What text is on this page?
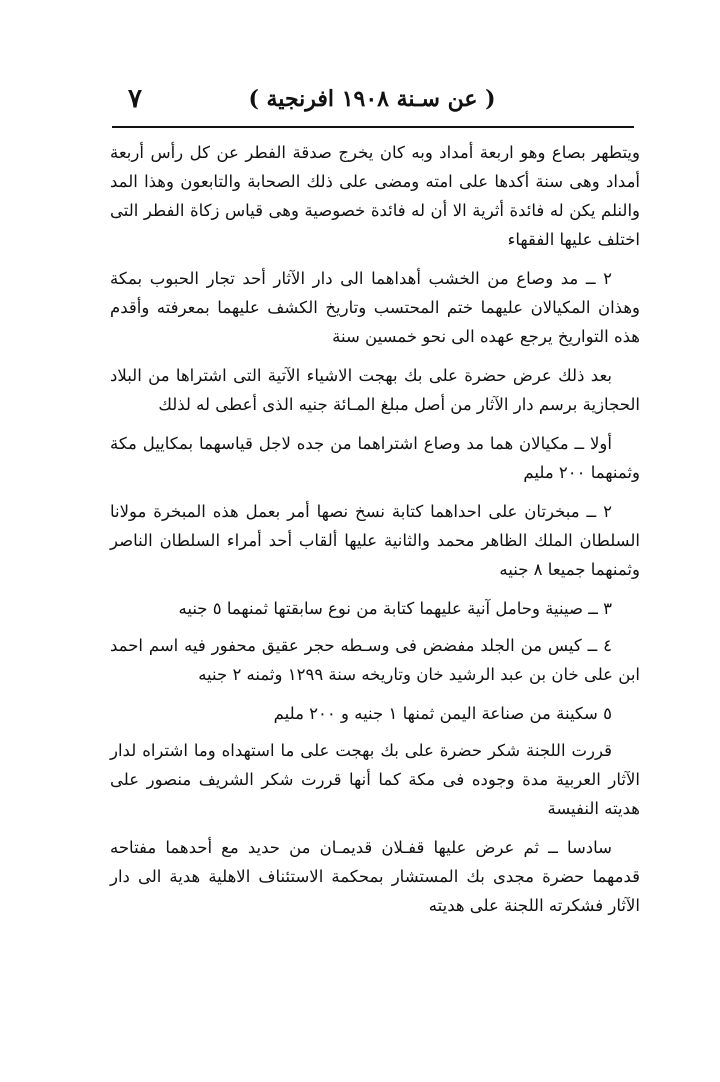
( عن سـنة ١٩٠٨ افرنجية )
٧

ويتطهر بصاع وهو اربعة أمداد وبه كان يخرج صدقة الفطر عن كل رأس أربعة أمداد وهى سنة أكدها على امته ومضى على ذلك الصحابة والتابعون وهذا المد والنلم يكن له فائدة أثرية الا أن له فائدة خصوصية وهى قياس زكاة الفطر التى اختلف عليها الفقهاء

٢ ــ مد وصاع من الخشب أهداهما الى دار الآثار أحد تجار الحبوب بمكة وهذان المكيالان عليهما ختم المحتسب وتاريخ الكشف عليهما بمعرفته وأقدم هذه التواريخ يرجع عهده الى نحو خمسين سنة

بعد ذلك عرض حضرة على بك بهجت الاشياء الآتية التى اشتراها من البلاد الحجازية برسم دار الآثار من أصل مبلغ المـائة جنيه الذى أعطى له لذلك

أولا ــ مكيالان هما مد وصاع اشتراهما من جده لاجل قياسهما بمكاييل مكة وثمنهما ٢٠٠ مليم

٢ ــ مبخرتان على احداهما كتابة نسخ نصها أمر بعمل هذه المبخرة مولانا السلطان الملك الظاهر محمد والثانية عليها ألقاب أحد أمراء السلطان الناصر وثمنهما جميعا ٨ جنيه

٣ ــ صينية وحامل آنية عليهما كتابة من نوع سابقتها ثمنهما ٥ جنيه

٤ ــ كيس من الجلد مفضض فى وسـطه حجر عقيق محفور فيه اسم احمد ابن على خان بن عبد الرشيد خان وتاريخه سنة ١٢٩٩ وثمنه ٢ جنيه

٥ سكينة من صناعة اليمن ثمنها ١ جنيه و ٢٠٠ مليم

قررت اللجنة شكر حضرة على بك بهجت على ما استهداه وما اشتراه لدار الآثار العربية مدة وجوده فى مكة كما أنها قررت شكر الشريف منصور على هديته النفيسة

سادسا ــ ثم عرض عليها قفـلان قديمـان من حديد مع أحدهما مفتاحه قدمهما حضرة مجدى بك المستشار بمحكمة الاستئناف الاهلية هدية الى دار الآثار فشكرته اللجنة على هديته
